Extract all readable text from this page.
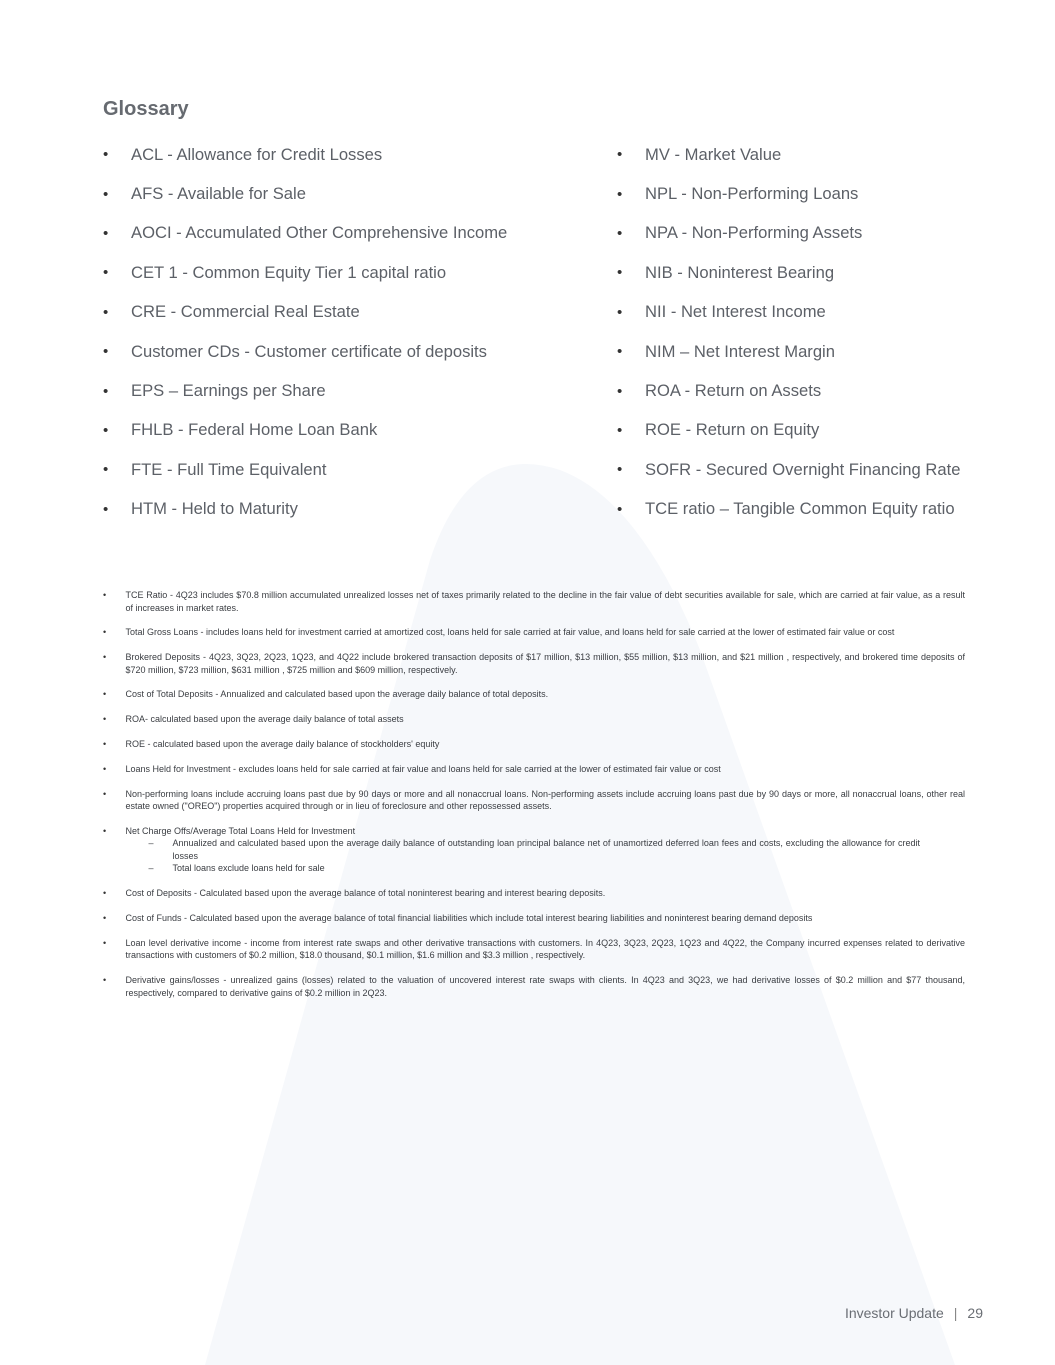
Glossary
•	ACL - Allowance for Credit Losses
•	AFS - Available for Sale
•	AOCI - Accumulated Other Comprehensive Income
•	CET 1 - Common Equity Tier 1 capital ratio
•	CRE - Commercial Real Estate
•	Customer CDs - Customer certificate of deposits
•	EPS – Earnings per Share
•	FHLB - Federal Home Loan Bank
•	FTE - Full Time Equivalent
•	HTM - Held to Maturity
•	MV - Market Value
•	NPL - Non-Performing Loans
•	NPA - Non-Performing Assets
•	NIB - Noninterest Bearing
•	NII - Net Interest Income
•	NIM – Net Interest Margin
•	ROA - Return on Assets
•	ROE - Return on Equity
•	SOFR - Secured Overnight Financing Rate
•	TCE ratio – Tangible Common Equity ratio
•	TCE Ratio - 4Q23 includes $70.8 million accumulated unrealized losses net of taxes primarily related to the decline in the fair value of debt securities available for sale, which are carried at fair value, as a result of increases in market rates.
•	Total Gross Loans - includes loans held for investment carried at amortized cost, loans held for sale carried at fair value, and loans held for sale carried at the lower of estimated fair value or cost
•	Brokered Deposits - 4Q23, 3Q23, 2Q23, 1Q23, and 4Q22 include brokered transaction deposits of $17 million, $13 million, $55 million, $13 million, and $21 million , respectively, and brokered time deposits of $720 million, $723 million, $631 million , $725 million and $609 million, respectively.
•	Cost of Total Deposits - Annualized and calculated based upon the average daily balance of total deposits.
•	ROA- calculated based upon the average daily balance of total assets
•	ROE - calculated based upon the average daily balance of stockholders' equity
•	Loans Held for Investment - excludes loans held for sale carried at fair value and loans held for sale carried at the lower of estimated fair value or cost
•	Non-performing loans include accruing loans past due by 90 days or more and all nonaccrual loans. Non-performing assets include accruing loans past due by 90 days or more, all nonaccrual loans, other real estate owned ("OREO") properties acquired through or in lieu of foreclosure and other repossessed assets.
•	Net Charge Offs/Average Total Loans Held for Investment
–	Annualized and calculated based upon the average daily balance of outstanding loan principal balance net of unamortized deferred loan fees and costs, excluding the allowance for credit losses
–	Total loans exclude loans held for sale
•	Cost of Deposits - Calculated based upon the average balance of total noninterest bearing and interest bearing deposits.
•	Cost of Funds - Calculated based upon the average balance of total financial liabilities which include total interest bearing liabilities and noninterest bearing demand deposits
•	Loan level derivative income - income from interest rate swaps and other derivative transactions with customers. In 4Q23, 3Q23, 2Q23, 1Q23 and 4Q22, the Company incurred expenses related to derivative transactions with customers of $0.2 million, $18.0 thousand, $0.1 million, $1.6 million and $3.3 million , respectively.
•	Derivative gains/losses - unrealized gains (losses) related to the valuation of uncovered interest rate swaps with clients. In 4Q23 and 3Q23, we had derivative losses of $0.2 million and $77 thousand, respectively, compared to derivative gains of $0.2 million in 2Q23.
Investor Update | 29
